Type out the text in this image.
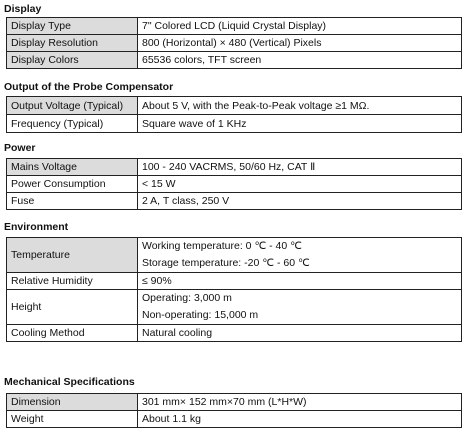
Display
Display Type	7" Colored LCD (Liquid Crystal Display)
Display Resolution	800 (Horizontal) × 480 (Vertical) Pixels
Display Colors	65536 colors, TFT screen
Output of the Probe Compensator
Output Voltage (Typical)	About 5 V, with the Peak-to-Peak voltage ≥1 MΩ.
Frequency (Typical)	Square wave of 1 KHz
Power
Mains Voltage	100 - 240 VACRMS, 50/60 Hz, CAT Ⅱ
Power Consumption	< 15 W
Fuse	2 A, T class, 250 V
Environment
Temperature	Working temperature: 0 ℃ - 40 ℃
Storage temperature: -20 ℃ - 60 ℃

Relative Humidity	≤ 90%
Height	Operating: 3,000 m
Non-operating: 15,000 m

Cooling Method	Natural cooling
Mechanical Specifications
Dimension	301 mm× 152 mm×70 mm (L*H*W)
Weight	About 1.1 kg
